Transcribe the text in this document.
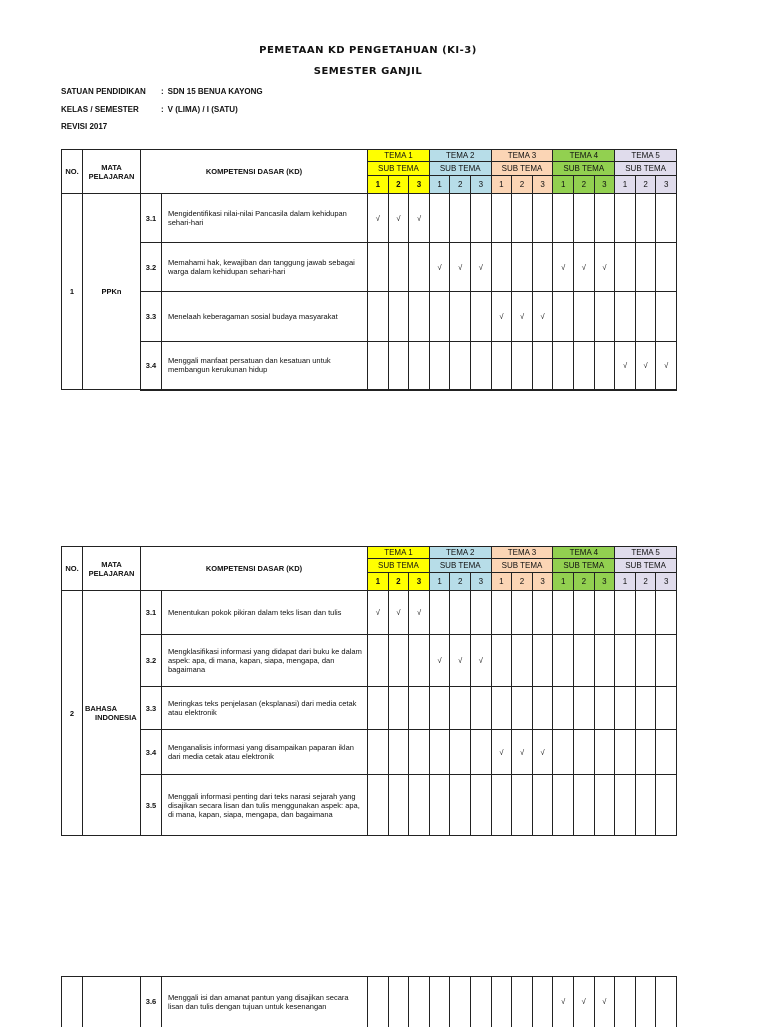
PEMETAAN KD PENGETAHUAN (KI-3)
SEMESTER GANJIL
SATUAN PENDIDIKAN	: SDN 15 BENUA KAYONG
KELAS / SEMESTER	: V (LIMA) / I (SATU)
REVISI 2017
NO.	MATA
PELAJARAN	KOMPETENSI DASAR (KD)		TEMA 1			TEMA 2			TEMA 3			TEMA 4			TEMA 5		
				SUB TEMA			SUB TEMA			SUB TEMA			SUB TEMA			SUB TEMA		
				1	2	3	1	2	3	1	2	3	1	2	3	1	2	3
1	PPKn	3.1	Mengidentifikasi nilai-nilai Pancasila dalam kehidupan sehari-hari	√	√	√												
		3.2	Memahami hak, kewajiban dan tanggung jawab sebagai warga dalam kehidupan sehari-hari				√	√	√				√	√	√			
		3.3	Menelaah keberagaman sosial budaya masyarakat							√	√	√						
		3.4	Menggali manfaat persatuan dan kesatuan untuk membangun kerukunan hidup													√	√	√
NO.	MATA
PELAJARAN	KOMPETENSI DASAR (KD)		TEMA 1			TEMA 2			TEMA 3			TEMA 4			TEMA 5		
				SUB TEMA			SUB TEMA			SUB TEMA			SUB TEMA			SUB TEMA		
				1	2	3	1	2	3	1	2	3	1	2	3	1	2	3
2	BAHASA
INDONESIA	3.1	Menentukan pokok pikiran dalam teks lisan dan tulis	√	√	√												
		3.2	Mengklasifikasi informasi yang didapat dari buku ke dalam aspek: apa, di mana, kapan, siapa, mengapa, dan bagaimana				√	√	√									
		3.3	Meringkas teks penjelasan (eksplanasi) dari media cetak atau elektronik															
		3.4	Menganalisis informasi yang disampaikan paparan iklan dari media cetak atau elektronik							√	√	√						
		3.5	Menggali informasi penting dari teks narasi sejarah yang disajikan secara lisan dan tulis menggunakan aspek: apa, di mana, kapan, siapa, mengapa, dan bagaimana															
		3.6	Menggali isi dan amanat pantun yang disajikan secara lisan dan tulis dengan tujuan untuk kesenangan										√	√	√			
